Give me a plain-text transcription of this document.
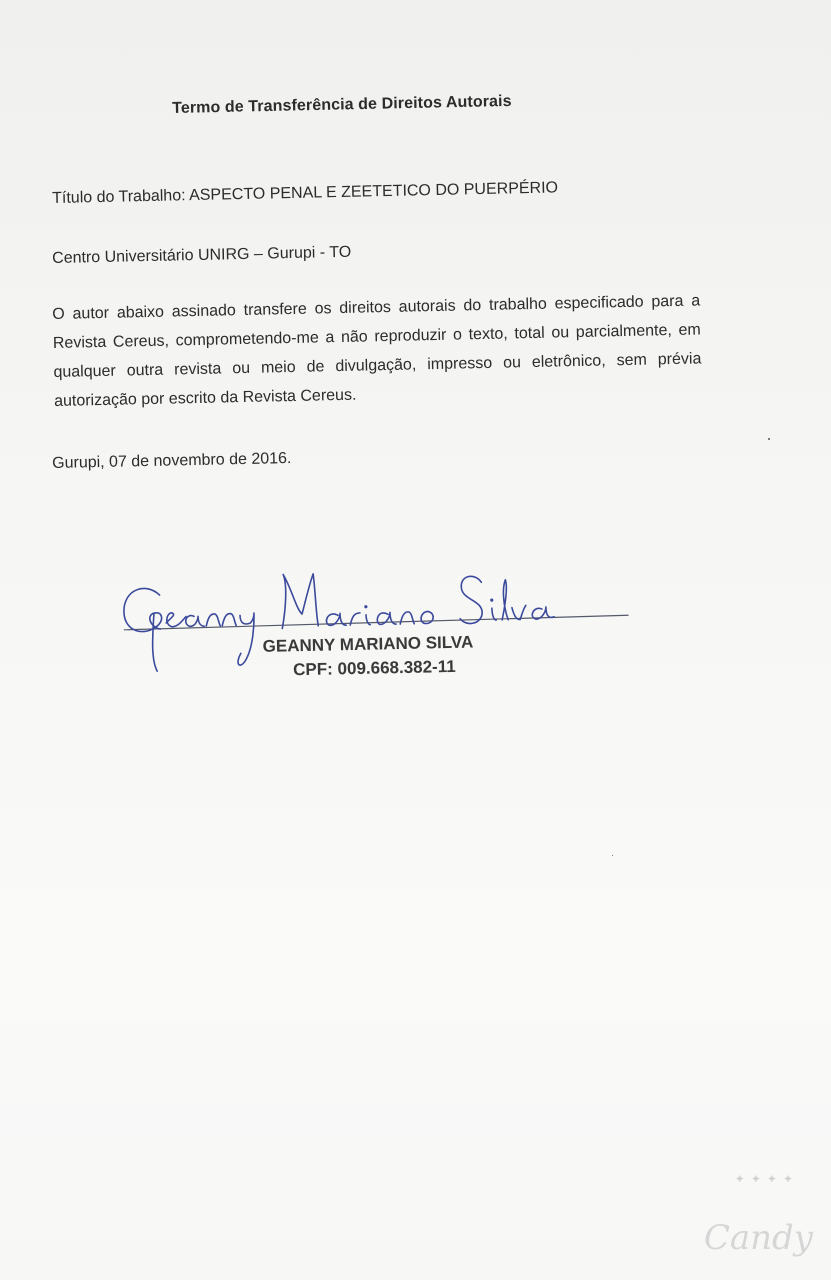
Termo de Transferência de Direitos Autorais
Título do Trabalho: ASPECTO PENAL E ZEETETICO DO PUERPÉRIO
Centro Universitário UNIRG – Gurupi - TO
O autor abaixo assinado transfere os direitos autorais do trabalho especificado para a Revista Cereus, comprometendo-me a não reproduzir o texto, total ou parcialmente, em qualquer outra revista ou meio de divulgação, impresso ou eletrônico, sem prévia autorização por escrito da Revista Cereus.
Gurupi, 07 de novembro de 2016.
GEANNY MARIANO SILVA
CPF: 009.668.382-11
✦✦✦✦
Candy
